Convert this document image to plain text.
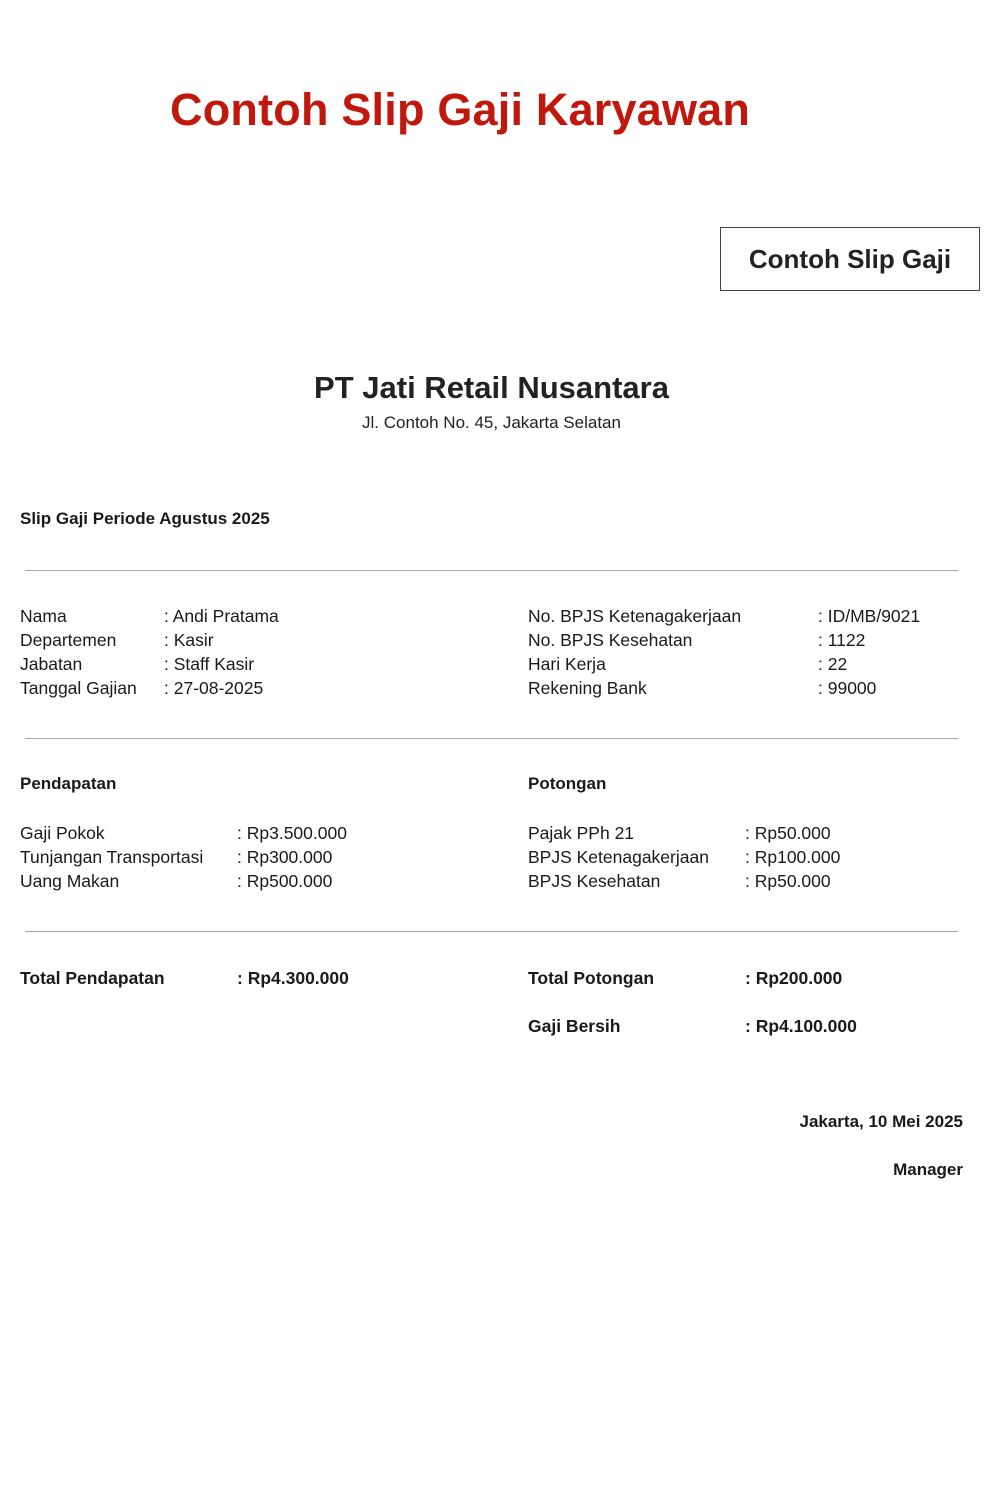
Contoh Slip Gaji Karyawan
Contoh Slip Gaji
PT Jati Retail Nusantara
Jl. Contoh No. 45, Jakarta Selatan
Slip Gaji Periode Agustus 2025
Nama	: Andi Pratama
Departemen	: Kasir
Jabatan	: Staff Kasir
Tanggal Gajian : 27-08-2025
No. BPJS Ketenagakerjaan	: ID/MB/9021
No. BPJS Kesehatan	: 1122
Hari Kerja	: 22
Rekening Bank	: 99000
Pendapatan
Gaji Pokok	: Rp3.500.000
Tunjangan Transportasi : Rp300.000
Uang Makan	: Rp500.000
Potongan
Pajak PPh 21	: Rp50.000
BPJS Ketenagakerjaan : Rp100.000
BPJS Kesehatan	: Rp50.000
Total Pendapatan	: Rp4.300.000	Total Potongan	: Rp200.000
Gaji Bersih	: Rp4.100.000
Jakarta, 10 Mei 2025
Manager
